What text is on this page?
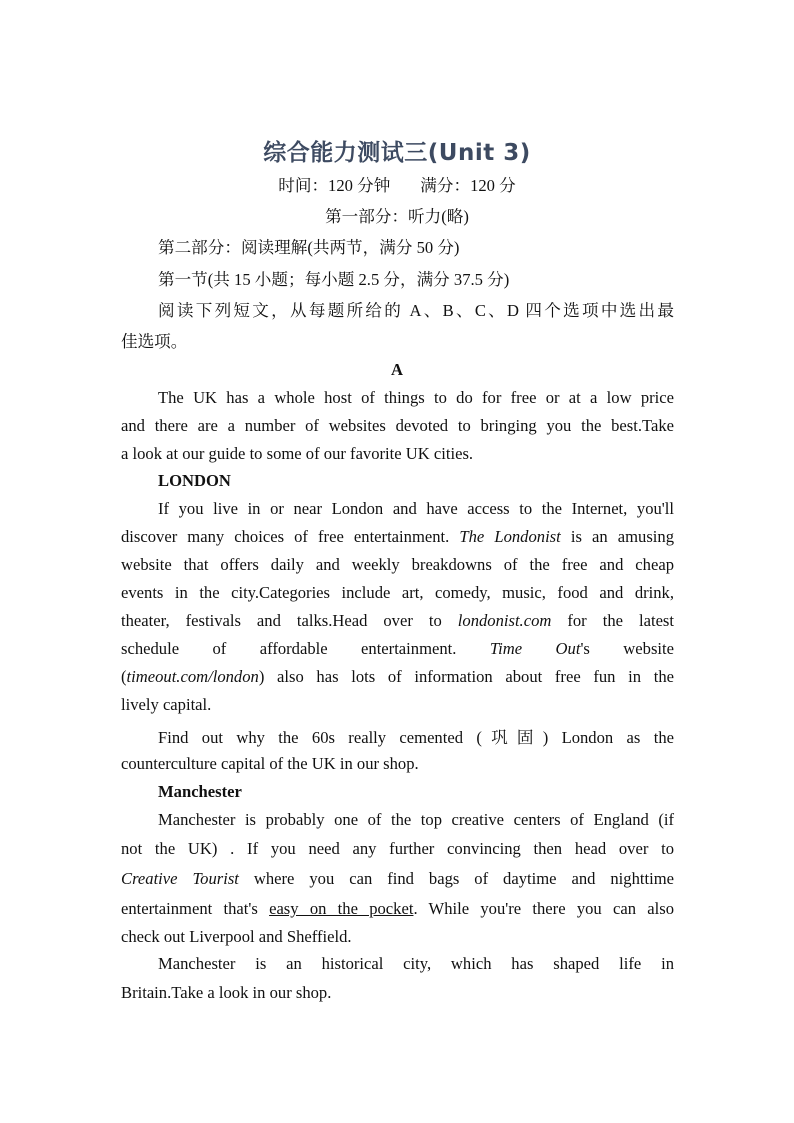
综合能力测试三(Unit 3)
时间：120 分钟 满分：120 分
第一部分：听力(略)
第二部分：阅读理解(共两节，满分 50 分)
第一节(共 15 小题；每小题 2.5 分，满分 37.5 分)
阅读下列短文，从每题所给的 A、B、C、D 四个选项中选出最
佳选项。
A
The UK has a whole host of things to do for free or at a low price
and there are a number of websites devoted to bringing you the best.Take
a look at our guide to some of our favorite UK cities.
LONDON
If you live in or near London and have access to the Internet, you'll
discover many choices of free entertainment. The Londonist is an amusing
website that offers daily and weekly breakdowns of the free and cheap
events in the city.Categories include art, comedy, music, food and drink,
theater, festivals and talks.Head over to londonist.com for the latest
schedule of affordable entertainment. Time Out's website
(timeout.com/london) also has lots of information about free fun in the
lively capital.
Find out why the 60s really cemented (巩固) London as the
counterculture capital of the UK in our shop.
Manchester
Manchester is probably one of the top creative centers of England (if
not the UK) . If you need any further convincing then head over to
Creative Tourist where you can find bags of daytime and nighttime
entertainment that's easy on the pocket. While you're there you can also
check out Liverpool and Sheffield.
Manchester is an historical city, which has shaped life in
Britain.Take a look in our shop.
